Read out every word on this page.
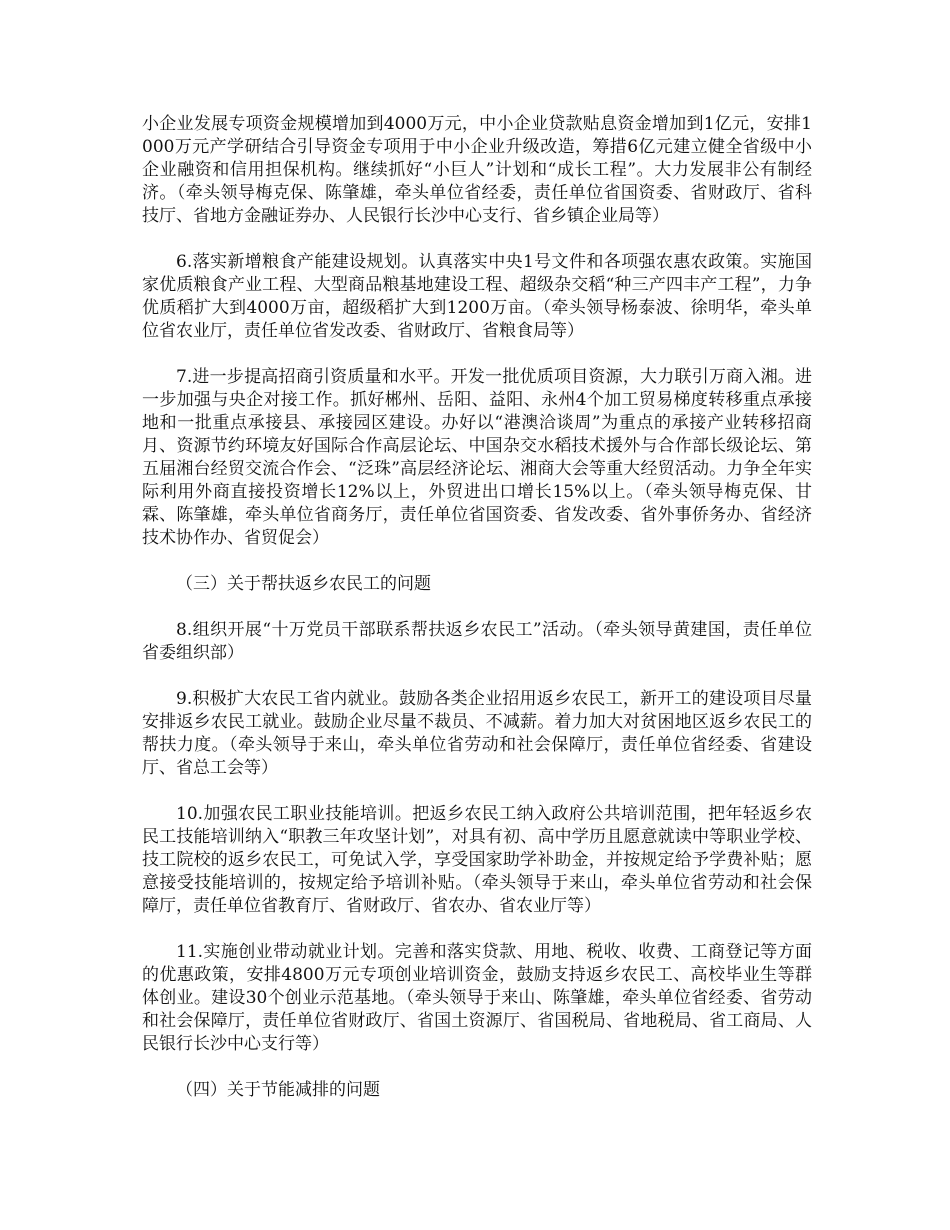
小企业发展专项资金规模增加到4000万元，中小企业贷款贴息资金增加到1亿元，安排1000万元产学研结合引导资金专项用于中小企业升级改造，筹措6亿元建立健全省级中小企业融资和信用担保机构。继续抓好“小巨人”计划和“成长工程”。大力发展非公有制经济。（牵头领导梅克保、陈肇雄，牵头单位省经委，责任单位省国资委、省财政厅、省科技厅、省地方金融证券办、人民银行长沙中心支行、省乡镇企业局等）

6.落实新增粮食产能建设规划。认真落实中央1号文件和各项强农惠农政策。实施国家优质粮食产业工程、大型商品粮基地建设工程、超级杂交稻“种三产四丰产工程”，力争优质稻扩大到4000万亩，超级稻扩大到1200万亩。（牵头领导杨泰波、徐明华，牵头单位省农业厅，责任单位省发改委、省财政厅、省粮食局等）

7.进一步提高招商引资质量和水平。开发一批优质项目资源，大力联引万商入湘。进一步加强与央企对接工作。抓好郴州、岳阳、益阳、永州4个加工贸易梯度转移重点承接地和一批重点承接县、承接园区建设。办好以“港澳洽谈周”为重点的承接产业转移招商月、资源节约环境友好国际合作高层论坛、中国杂交水稻技术援外与合作部长级论坛、第五届湘台经贸交流合作会、“泛珠”高层经济论坛、湘商大会等重大经贸活动。力争全年实际利用外商直接投资增长12%以上，外贸进出口增长15%以上。（牵头领导梅克保、甘霖、陈肇雄，牵头单位省商务厅，责任单位省国资委、省发改委、省外事侨务办、省经济技术协作办、省贸促会）

（三）关于帮扶返乡农民工的问题

8.组织开展“十万党员干部联系帮扶返乡农民工”活动。（牵头领导黄建国，责任单位省委组织部）

9.积极扩大农民工省内就业。鼓励各类企业招用返乡农民工，新开工的建设项目尽量安排返乡农民工就业。鼓励企业尽量不裁员、不减薪。着力加大对贫困地区返乡农民工的帮扶力度。（牵头领导于来山，牵头单位省劳动和社会保障厅，责任单位省经委、省建设厅、省总工会等）

10.加强农民工职业技能培训。把返乡农民工纳入政府公共培训范围，把年轻返乡农民工技能培训纳入“职教三年攻坚计划”，对具有初、高中学历且愿意就读中等职业学校、技工院校的返乡农民工，可免试入学，享受国家助学补助金，并按规定给予学费补贴；愿意接受技能培训的，按规定给予培训补贴。（牵头领导于来山，牵头单位省劳动和社会保障厅，责任单位省教育厅、省财政厅、省农办、省农业厅等）

11.实施创业带动就业计划。完善和落实贷款、用地、税收、收费、工商登记等方面的优惠政策，安排4800万元专项创业培训资金，鼓励支持返乡农民工、高校毕业生等群体创业。建设30个创业示范基地。（牵头领导于来山、陈肇雄，牵头单位省经委、省劳动和社会保障厅，责任单位省财政厅、省国土资源厅、省国税局、省地税局、省工商局、人民银行长沙中心支行等）

（四）关于节能减排的问题
